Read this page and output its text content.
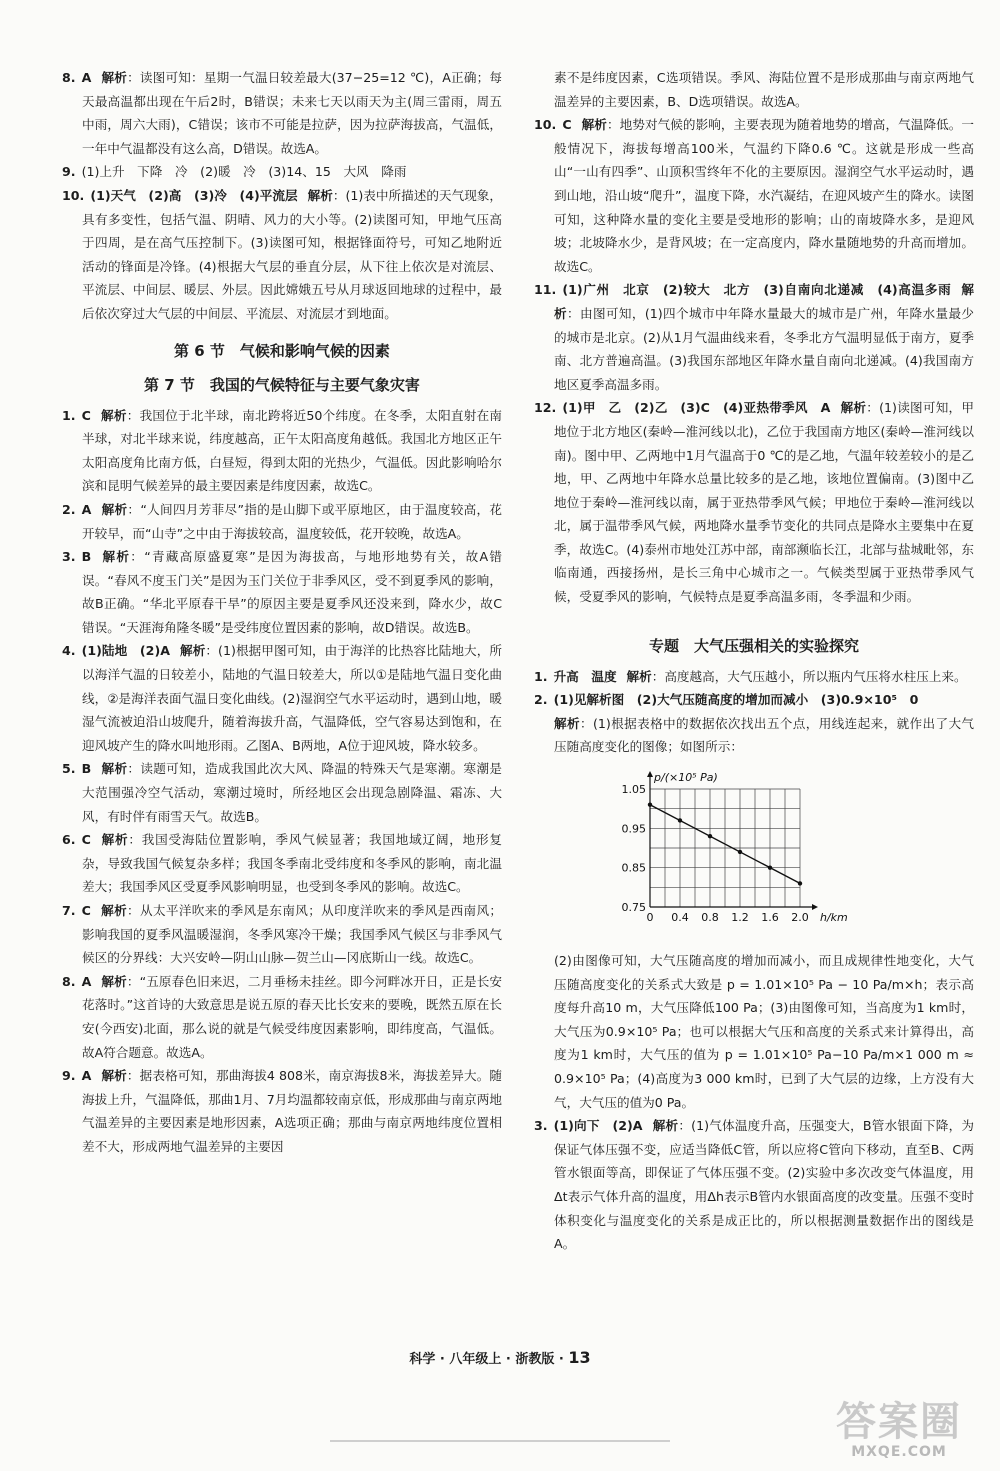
8. A 解析：读图可知：星期一气温日较差最大(37−25=12 ℃)，A正确；每天最高温都出现在午后2时，B错误；未来七天以雨天为主(周三雷雨，周五中雨，周六大雨)，C错误；该市不可能是拉萨，因为拉萨海拔高，气温低，一年中气温都没有这么高，D错误。故选A。
9. (1)上升　下降　冷　(2)暖　冷　(3)14、15　大风　降雨
10. (1)天气　(2)高　(3)冷　(4)平流层 解析：(1)表中所描述的天气现象，具有多变性，包括气温、阴晴、风力的大小等。(2)读图可知，甲地气压高于四周，是在高气压控制下。(3)读图可知，根据锋面符号，可知乙地附近活动的锋面是冷锋。(4)根据大气层的垂直分层，从下往上依次是对流层、平流层、中间层、暖层、外层。因此嫦娥五号从月球返回地球的过程中，最后依次穿过大气层的中间层、平流层、对流层才到地面。
第 6 节　气候和影响气候的因素
第 7 节　我国的气候特征与主要气象灾害
1. C 解析：我国位于北半球，南北跨将近50个纬度。在冬季，太阳直射在南半球，对北半球来说，纬度越高，正午太阳高度角越低。我国北方地区正午太阳高度角比南方低，白昼短，得到太阳的光热少，气温低。因此影响哈尔滨和昆明气候差异的最主要因素是纬度因素，故选C。
2. A 解析：“人间四月芳菲尽”指的是山脚下或平原地区，由于温度较高，花开较早，而“山寺”之中由于海拔较高，温度较低，花开较晚，故选A。
3. B 解析：“青藏高原盛夏寒”是因为海拔高，与地形地势有关，故A错误。“春风不度玉门关”是因为玉门关位于非季风区，受不到夏季风的影响，故B正确。“华北平原春干旱”的原因主要是夏季风还没来到，降水少，故C错误。“天涯海角隆冬暖”是受纬度位置因素的影响，故D错误。故选B。
4. (1)陆地　(2)A 解析：(1)根据甲图可知，由于海洋的比热容比陆地大，所以海洋气温的日较差小，陆地的气温日较差大，所以①是陆地气温日变化曲线，②是海洋表面气温日变化曲线。(2)湿润空气水平运动时，遇到山地，暖湿气流被迫沿山坡爬升，随着海拔升高，气温降低，空气容易达到饱和，在迎风坡产生的降水叫地形雨。乙图A、B两地，A位于迎风坡，降水较多。
5. B 解析：读题可知，造成我国此次大风、降温的特殊天气是寒潮。寒潮是大范围强冷空气活动，寒潮过境时，所经地区会出现急剧降温、霜冻、大风，有时伴有雨雪天气。故选B。
6. C 解析：我国受海陆位置影响，季风气候显著；我国地域辽阔，地形复杂，导致我国气候复杂多样；我国冬季南北受纬度和冬季风的影响，南北温差大；我国季风区受夏季风影响明显，也受到冬季风的影响。故选C。
7. C 解析：从太平洋吹来的季风是东南风；从印度洋吹来的季风是西南风；影响我国的夏季风温暖湿润，冬季风寒冷干燥；我国季风气候区与非季风气候区的分界线：大兴安岭—阴山山脉—贺兰山—冈底斯山一线。故选C。
8. A 解析：“五原春色旧来迟，二月垂杨未挂丝。即今河畔冰开日，正是长安花落时。”这首诗的大致意思是说五原的春天比长安来的要晚，既然五原在长安(今西安)北面，那么说的就是气候受纬度因素影响，即纬度高，气温低。故A符合题意。故选A。
9. A 解析：据表格可知，那曲海拔4 808米，南京海拔8米，海拔差异大。随海拔上升，气温降低，那曲1月、7月均温都较南京低，形成那曲与南京两地气温差异的主要因素是地形因素，A选项正确；那曲与南京两地纬度位置相差不大，形成两地气温差异的主要因
素不是纬度因素，C选项错误。季风、海陆位置不是形成那曲与南京两地气温差异的主要因素，B、D选项错误。故选A。
10. C 解析：地势对气候的影响，主要表现为随着地势的增高，气温降低。一般情况下，海拔每增高100米，气温约下降0.6 ℃。这就是形成一些高山“一山有四季”、山顶积雪终年不化的主要原因。湿润空气水平运动时，遇到山地，沿山坡“爬升”，温度下降，水汽凝结，在迎风坡产生的降水。读图可知，这种降水量的变化主要是受地形的影响；山的南坡降水多，是迎风坡；北坡降水少，是背风坡；在一定高度内，降水量随地势的升高而增加。故选C。
11. (1)广州　北京　(2)较大　北方　(3)自南向北递减　(4)高温多雨 解析：由图可知，(1)四个城市中年降水量最大的城市是广州，年降水量最少的城市是北京。(2)从1月气温曲线来看，冬季北方气温明显低于南方，夏季南、北方普遍高温。(3)我国东部地区年降水量自南向北递减。(4)我国南方地区夏季高温多雨。
12. (1)甲　乙　(2)乙　(3)C　(4)亚热带季风　A 解析：(1)读图可知，甲地位于北方地区(秦岭—淮河线以北)，乙位于我国南方地区(秦岭—淮河线以南)。图中甲、乙两地中1月气温高于0 ℃的是乙地，气温年较差较小的是乙地，甲、乙两地中年降水总量比较多的是乙地，该地位置偏南。(3)图中乙地位于秦岭—淮河线以南，属于亚热带季风气候；甲地位于秦岭—淮河线以北，属于温带季风气候，两地降水量季节变化的共同点是降水主要集中在夏季，故选C。(4)泰州市地处江苏中部，南部濒临长江，北部与盐城毗邻，东临南通，西接扬州，是长三角中心城市之一。气候类型属于亚热带季风气候，受夏季风的影响，气候特点是夏季高温多雨，冬季温和少雨。
专题　大气压强相关的实验探究
1. 升高　温度 解析：高度越高，大气压越小，所以瓶内气压将水柱压上来。
2. (1)见解析图　(2)大气压随高度的增加而减小　(3)0.9×10⁵　0
解析：(1)根据表格中的数据依次找出五个点，用线连起来，就作出了大气压随高度变化的图像；如图所示：
0 0.4 0.8 1.2 1.6 2.0
0.75
0.85
0.95
1.05
p/(×10⁵ Pa)
h/km
(2)由图像可知，大气压随高度的增加而减小，而且成规律性地变化，大气压随高度变化的关系式大致是 p = 1.01×10⁵ Pa − 10 Pa/m×h；表示高度每升高10 m，大气压降低100 Pa；(3)由图像可知，当高度为1 km时，大气压为0.9×10⁵ Pa；也可以根据大气压和高度的关系式来计算得出，高度为1 km时，大气压的值为 p = 1.01×10⁵ Pa−10 Pa/m×1 000 m ≈ 0.9×10⁵ Pa；(4)高度为3 000 km时，已到了大气层的边缘，上方没有大气，大气压的值为0 Pa。
3. (1)向下　(2)A 解析：(1)气体温度升高，压强变大，B管水银面下降，为保证气体压强不变，应适当降低C管，所以应将C管向下移动，直至B、C两管水银面等高，即保证了气体压强不变。(2)实验中多次改变气体温度，用Δt表示气体升高的温度，用Δh表示B管内水银面高度的改变量。压强不变时体积变化与温度变化的关系是成正比的，所以根据测量数据作出的图线是A。
科学 · 八年级上 · 浙教版 · 13
答案圈
MXQE.COM
